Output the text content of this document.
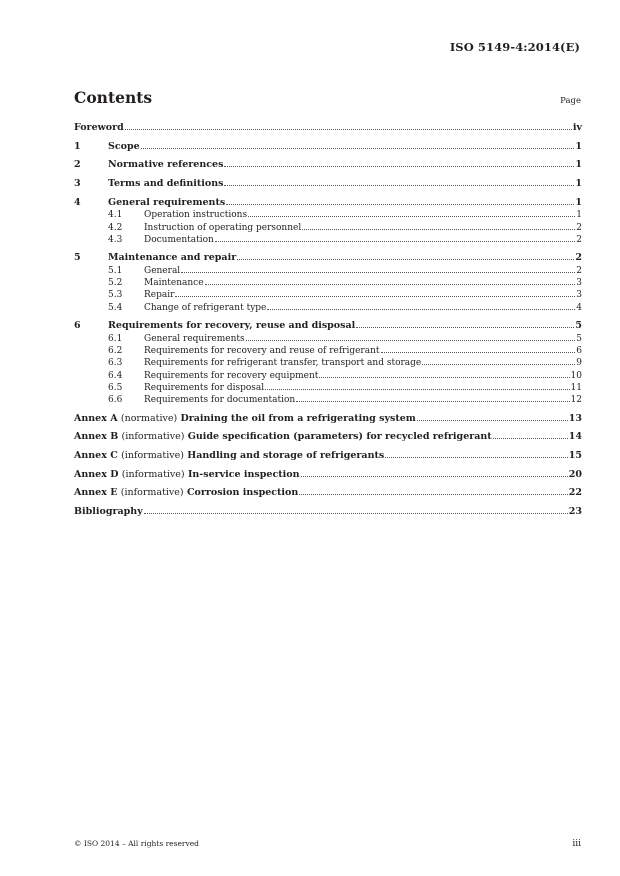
ISO 5149-4:2014(E)
Contents	Page
Foreword	iv
1	Scope	1
2	Normative references	1
3	Terms and definitions	1
4	General requirements	1
4.1	Operation instructions	1
4.2	Instruction of operating personnel	2
4.3	Documentation	2
5	Maintenance and repair	2
5.1	General	2
5.2	Maintenance	3
5.3	Repair	3
5.4	Change of refrigerant type	4
6	Requirements for recovery, reuse and disposal	5
6.1	General requirements	5
6.2	Requirements for recovery and reuse of refrigerant	6
6.3	Requirements for refrigerant transfer, transport and storage	9
6.4	Requirements for recovery equipment	10
6.5	Requirements for disposal	11
6.6	Requirements for documentation	12
Annex A (normative) Draining the oil from a refrigerating system	13
Annex B (informative) Guide specification (parameters) for recycled refrigerant	14
Annex C (informative) Handling and storage of refrigerants	15
Annex D (informative) In-service inspection	20
Annex E (informative) Corrosion inspection	22
Bibliography	23
© ISO 2014 – All rights reserved	iii
